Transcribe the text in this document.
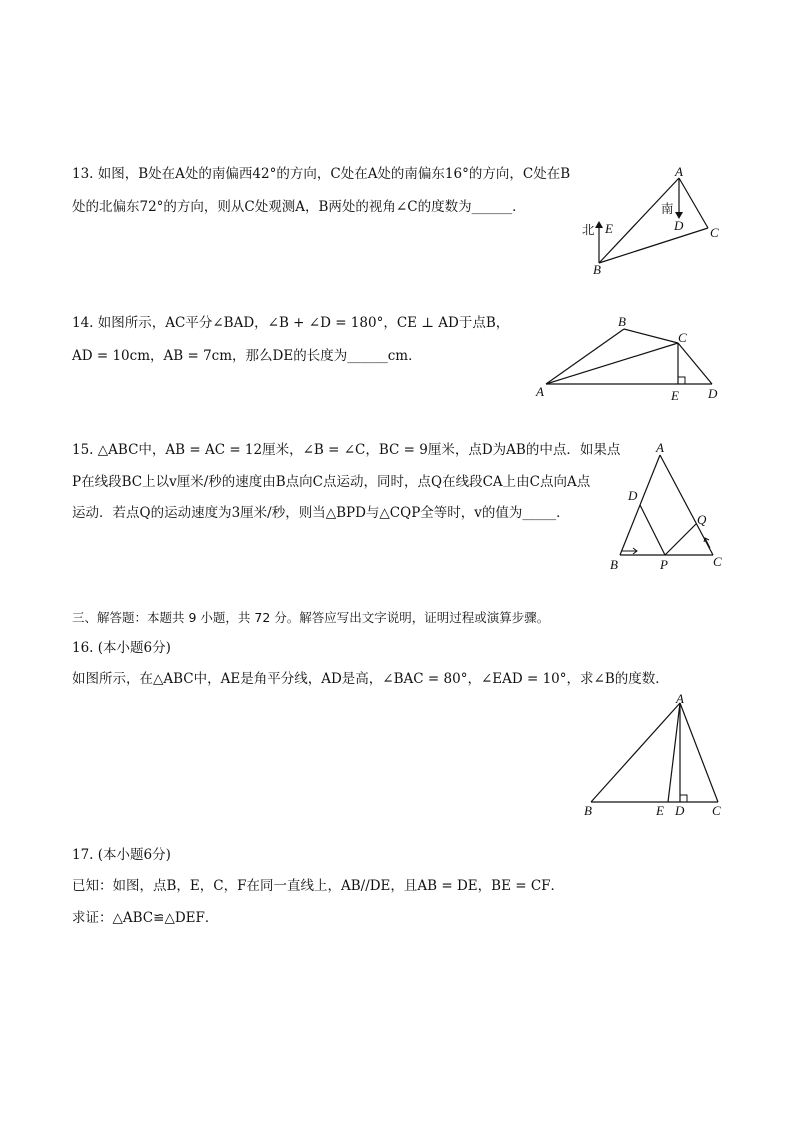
13. 如图，B处在A处的南偏西42°的方向，C处在A处的南偏东16°的方向，C处在B
处的北偏东72°的方向，则从C处观测A，B两处的视角∠C的度数为______．
A
B
C
D
E
北
南
14. 如图所示，AC平分∠BAD，∠B + ∠D = 180°，CE ⊥ AD于点B，
AD = 10cm，AB = 7cm，那么DE的长度为______cm．
A
B
C
D
E
15. △ABC中，AB = AC = 12厘米，∠B = ∠C，BC = 9厘米，点D为AB的中点．如果点
P在线段BC上以v厘米/秒的速度由B点向C点运动，同时，点Q在线段CA上由C点向A点
运动．若点Q的运动速度为3厘米/秒，则当△BPD与△CQP全等时，v的值为_____．
A
B	C
D
P
Q
三、解答题：本题共 9 小题，共 72 分。解答应写出文字说明，证明过程或演算步骤。
16. (本小题6分)
如图所示，在△ABC中，AE是角平分线，AD是高，∠BAC = 80°，∠EAD = 10°，求∠B的度数．
A
B	C
D
E
17. (本小题6分)
已知：如图，点B，E，C，F在同一直线上，AB//DE，且AB = DE，BE = CF．
求证：△ABC≌△DEF．
